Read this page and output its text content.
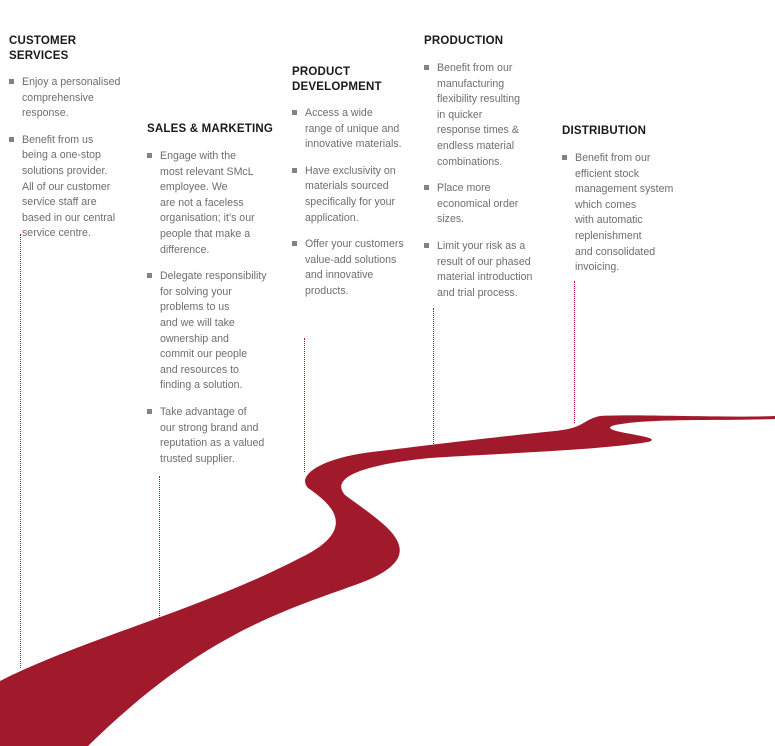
CUSTOMER
SERVICES
Enjoy a personalised
comprehensive
response.
Benefit from us
being a one-stop
solutions provider.
All of our customer
service staff are
based in our central
service centre.
SALES & MARKETING
Engage with the
most relevant SMcL
employee. We
are not a faceless
organisation; it’s our
people that make a
difference.
Delegate responsibility
for solving your
problems to us
and we will take
ownership and
commit our people
and resources to
finding a solution.
Take advantage of
our strong brand and
reputation as a valued
trusted supplier.
PRODUCT
DEVELOPMENT
Access a wide
range of unique and
innovative materials.
Have exclusivity on
materials sourced
specifically for your
application.
Offer your customers
value-add solutions
and innovative
products.
PRODUCTION
Benefit from our
manufacturing
flexibility resulting
in quicker
response times &
endless material
combinations.
Place more
economical order
sizes.
Limit your risk as a
result of our phased
material introduction
and trial process.
DISTRIBUTION
Benefit from our
efficient stock
management system
which comes
with automatic
replenishment
and consolidated
invoicing.
